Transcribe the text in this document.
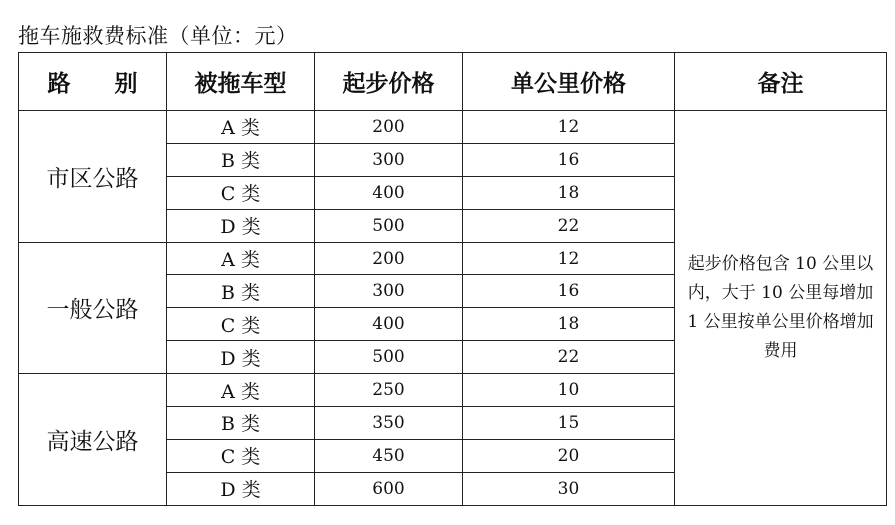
拖车施救费标准（单位：元）
路 别	被拖车型	起步价格	单公里价格	备注
市区公路	A 类	200	12	起步价格包含 10 公里以内，大于 10 公里每增加 1 公里按单公里价格增加费用
	B 类	300	16	
	C 类	400	18	
	D 类	500	22	
一般公路	A 类	200	12	
	B 类	300	16	
	C 类	400	18	
	D 类	500	22	
高速公路	A 类	250	10	
	B 类	350	15	
	C 类	450	20	
	D 类	600	30	
